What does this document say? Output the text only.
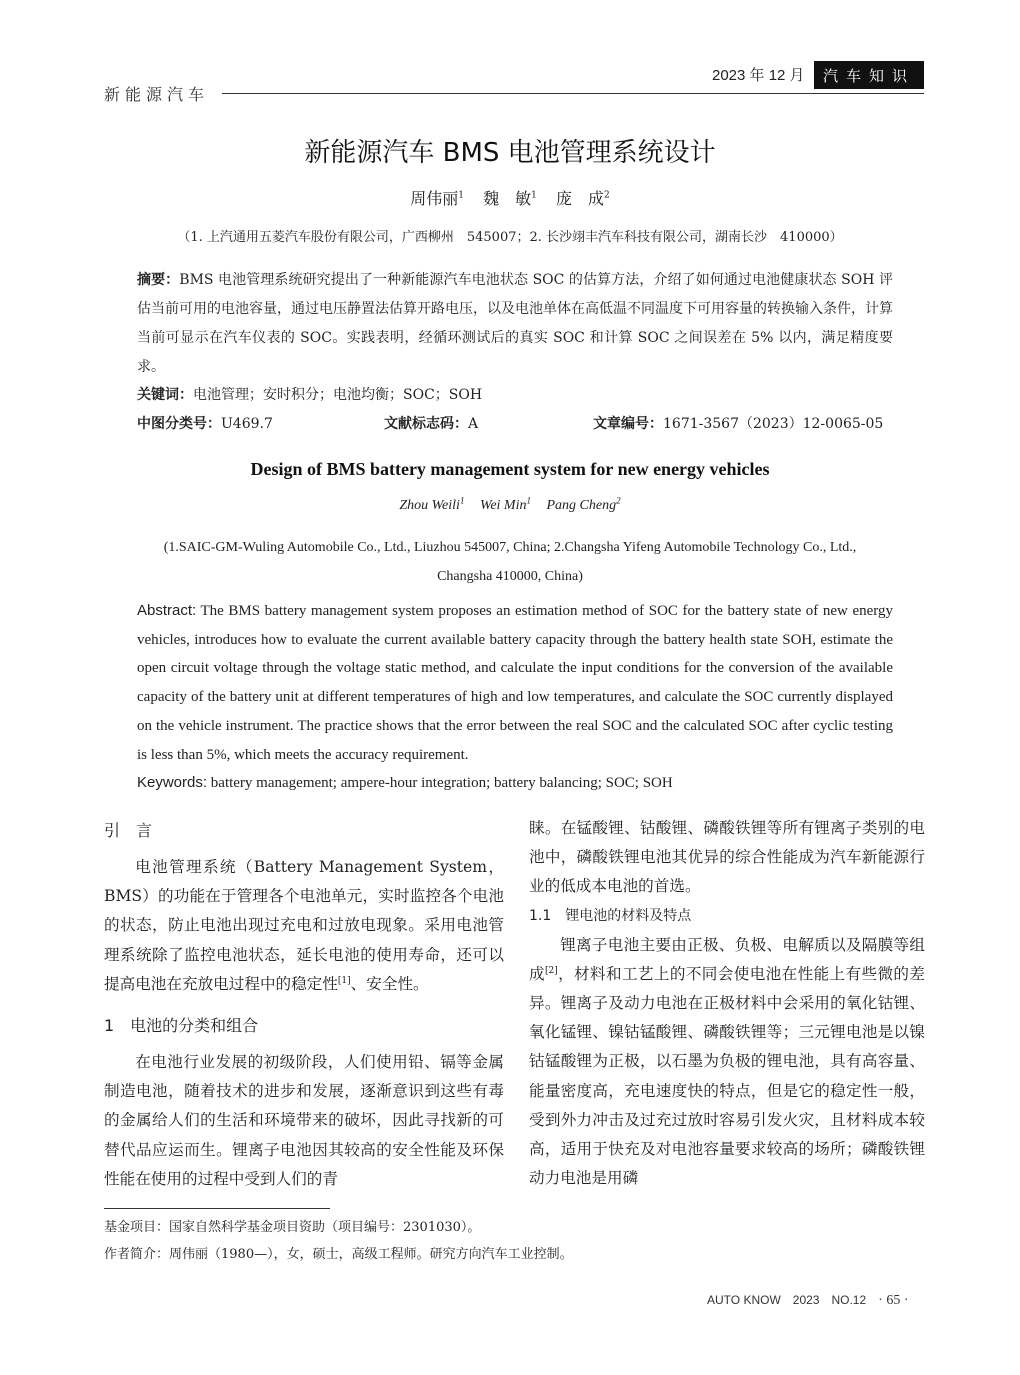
新能源汽车
2023 年 12 月	汽车知识
新能源汽车 BMS 电池管理系统设计
周伟丽$^1$ 魏　敏$^1$ 庞　成$^2$
（1. 上汽通用五菱汽车股份有限公司，广西柳州　545007；2. 长沙翊丰汽车科技有限公司，湖南长沙　410000）
摘要：BMS 电池管理系统研究提出了一种新能源汽车电池状态 SOC 的估算方法，介绍了如何通过电池健康状态 SOH 评估当前可用的电池容量，通过电压静置法估算开路电压，以及电池单体在高低温不同温度下可用容量的转换输入条件，计算当前可显示在汽车仪表的 SOC。实践表明，经循环测试后的真实 SOC 和计算 SOC 之间误差在 5% 以内，满足精度要求。
关键词：电池管理；安时积分；电池均衡；SOC；SOH
中图分类号：U469.7	文献标志码：A	文章编号：1671-3567（2023）12-0065-05
Design of BMS battery management system for new energy vehicles
Zhou Weili$^1$ Wei Min$^1$ Pang Cheng$^2$
(1.SAIC-GM-Wuling Automobile Co., Ltd., Liuzhou 545007, China; 2.Changsha Yifeng Automobile Technology Co., Ltd.,
Changsha 410000, China)
Abstract: The BMS battery management system proposes an estimation method of SOC for the battery state of new energy vehicles, introduces how to evaluate the current available battery capacity through the battery health state SOH, estimate the open circuit voltage through the voltage static method, and calculate the input conditions for the conversion of the available capacity of the battery unit at different temperatures of high and low temperatures, and calculate the SOC currently displayed on the vehicle instrument. The practice shows that the error between the real SOC and the calculated SOC after cyclic testing is less than 5%, which meets the accuracy requirement.
Keywords: battery management; ampere-hour integration; battery balancing; SOC; SOH
引　言

电池管理系统（Battery Management System，BMS）的功能在于管理各个电池单元，实时监控各个电池的状态，防止电池出现过充电和过放电现象。采用电池管理系统除了监控电池状态，延长电池的使用寿命，还可以提高电池在充放电过程中的稳定性[1]、安全性。

1　电池的分类和组合

在电池行业发展的初级阶段，人们使用铅、镉等金属制造电池，随着技术的进步和发展，逐渐意识到这些有毒的金属给人们的生活和环境带来的破坏，因此寻找新的可替代品应运而生。锂离子电池因其较高的安全性能及环保性能在使用的过程中受到人们的青

睐。在锰酸锂、钴酸锂、磷酸铁锂等所有锂离子类别的电池中，磷酸铁锂电池其优异的综合性能成为汽车新能源行业的低成本电池的首选。

1.1　锂电池的材料及特点

锂离子电池主要由正极、负极、电解质以及隔膜等组成[2]，材料和工艺上的不同会使电池在性能上有些微的差异。锂离子及动力电池在正极材料中会采用的氧化钴锂、氧化锰锂、镍钴锰酸锂、磷酸铁锂等；三元锂电池是以镍钴锰酸锂为正极，以石墨为负极的锂电池，具有高容量、能量密度高，充电速度快的特点，但是它的稳定性一般，受到外力冲击及过充过放时容易引发火灾，且材料成本较高，适用于快充及对电池容量要求较高的场所；磷酸铁锂动力电池是用磷

基金项目：国家自然科学基金项目资助（项目编号：2301030）。
作者简介：周伟丽（1980—），女，硕士，高级工程师。研究方向汽车工业控制。
AUTO KNOW　2023　NO.12 · 65 ·
